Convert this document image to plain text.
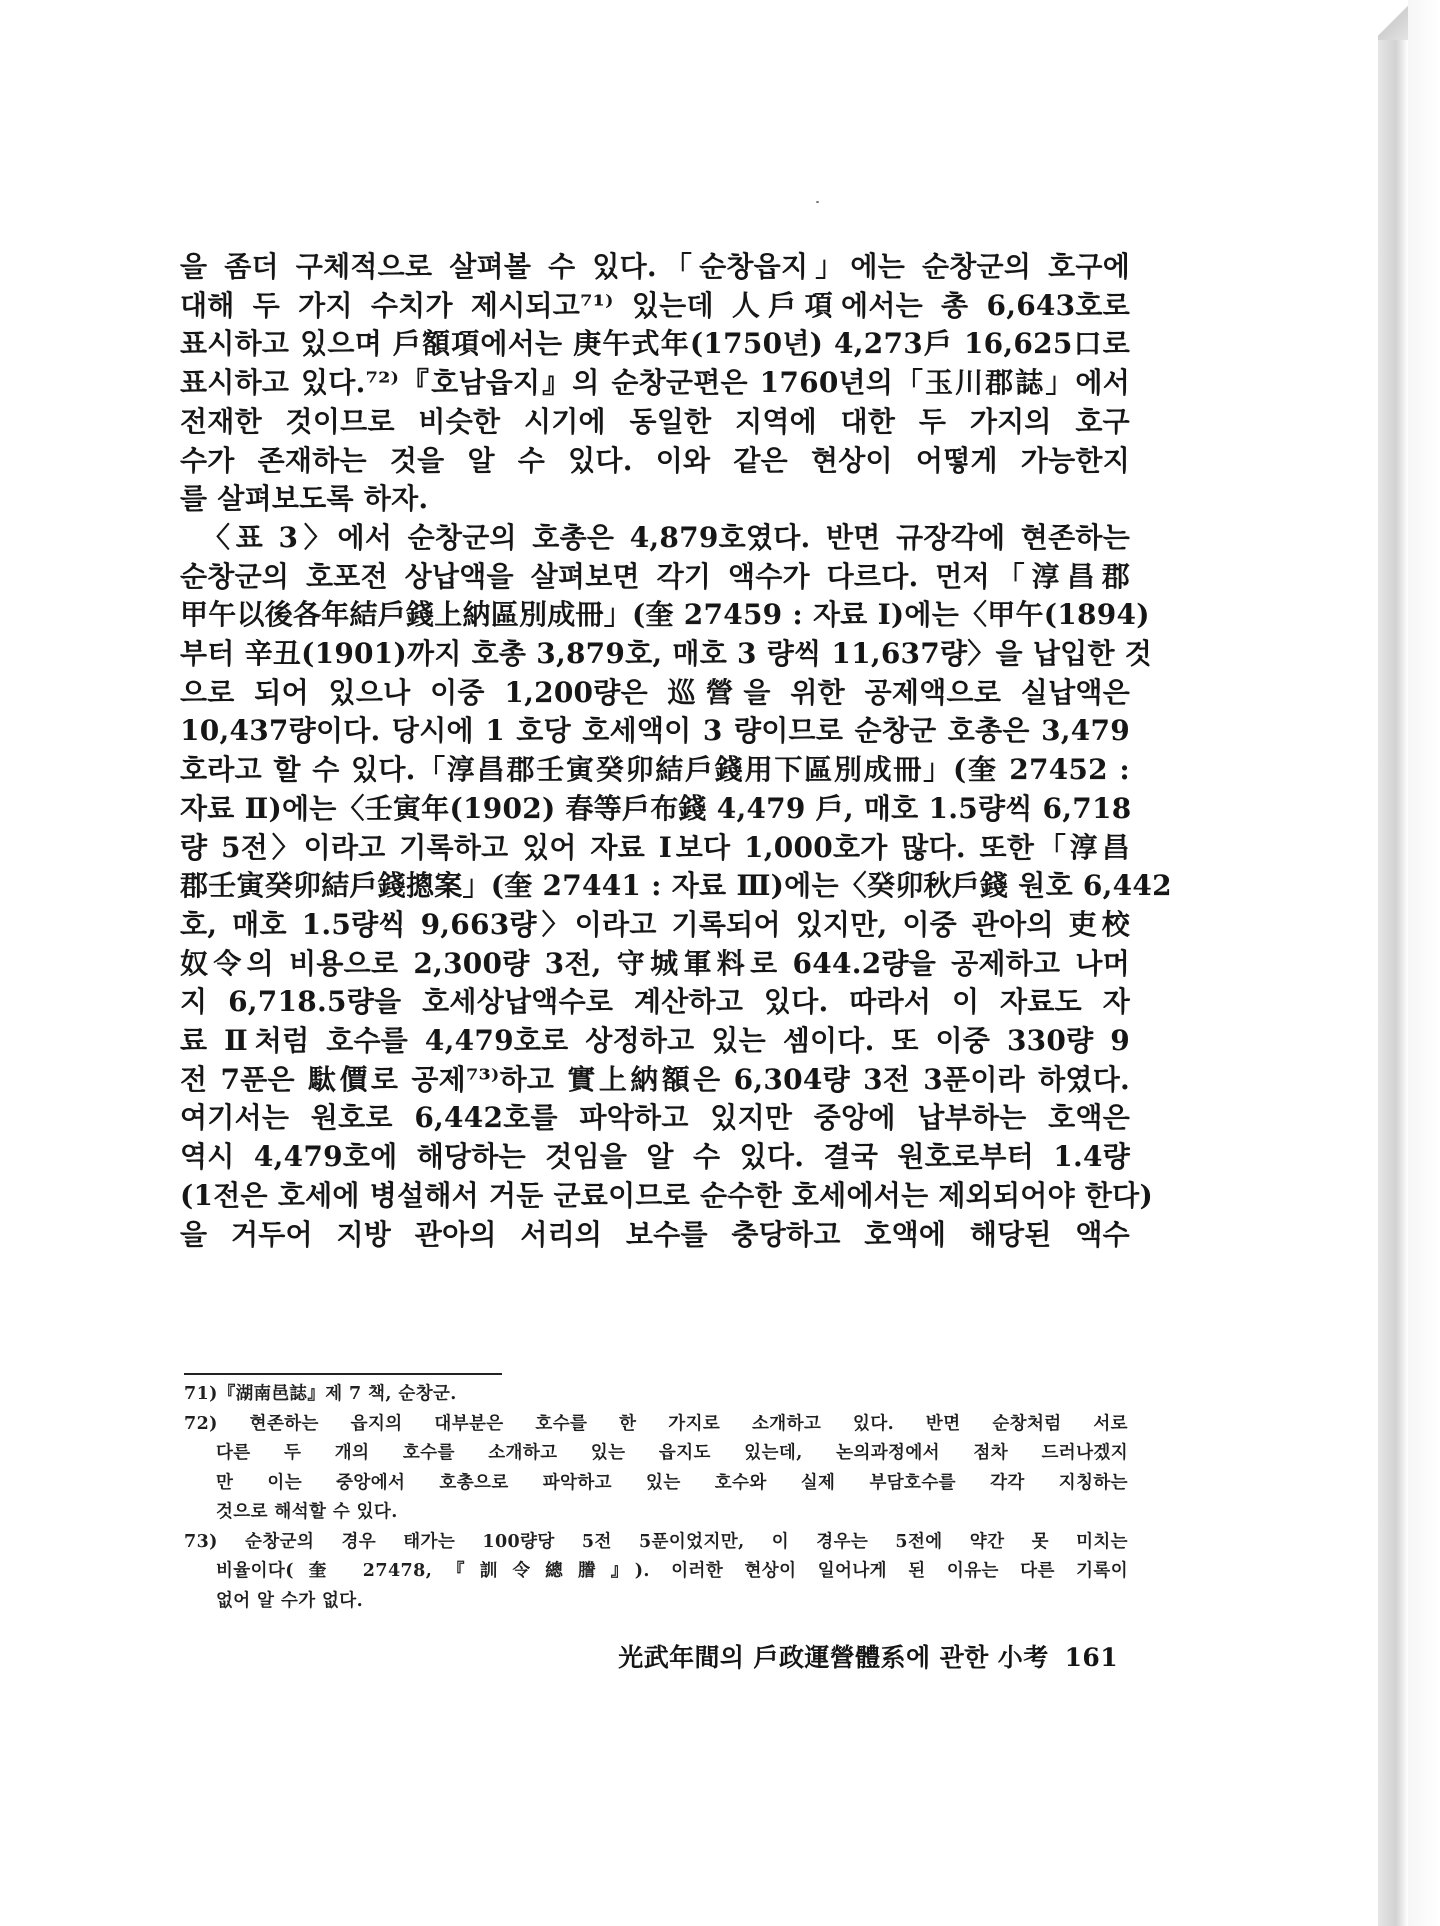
을 좀더 구체적으로 살펴볼 수 있다.「순창읍지」에는 순창군의 호구에
대해 두 가지 수치가 제시되고⁷¹⁾ 있는데 人戶項에서는 총 6,643호로
표시하고 있으며 戶額項에서는 庚午式年(1750년) 4,273戶 16,625口로
표시하고 있다.⁷²⁾『호남읍지』의 순창군편은 1760년의「玉川郡誌」에서
전재한 것이므로 비슷한 시기에 동일한 지역에 대한 두 가지의 호구
수가 존재하는 것을 알 수 있다. 이와 같은 현상이 어떻게 가능한지
를 살펴보도록 하자.
〈표 3〉에서 순창군의 호총은 4,879호였다. 반면 규장각에 현존하는
순창군의 호포전 상납액을 살펴보면 각기 액수가 다르다. 먼저「淳昌郡
甲午以後各年結戶錢上納區別成冊」(奎 27459 : 자료 Ⅰ)에는〈甲午(1894)
부터 辛丑(1901)까지 호총 3,879호, 매호 3 량씩 11,637량〉을 납입한 것
으로 되어 있으나 이중 1,200량은 巡營을 위한 공제액으로 실납액은
10,437량이다. 당시에 1 호당 호세액이 3 량이므로 순창군 호총은 3,479
호라고 할 수 있다.「淳昌郡壬寅癸卯結戶錢用下區別成冊」(奎 27452 :
자료 Ⅱ)에는〈壬寅年(1902) 春等戶布錢 4,479 戶, 매호 1.5량씩 6,718
량 5전〉이라고 기록하고 있어 자료 Ⅰ보다 1,000호가 많다. 또한「淳昌
郡壬寅癸卯結戶錢摠案」(奎 27441 : 자료 Ⅲ)에는〈癸卯秋戶錢 원호 6,442
호, 매호 1.5량씩 9,663량〉이라고 기록되어 있지만, 이중 관아의 吏校
奴令의 비용으로 2,300량 3전, 守城軍料로 644.2량을 공제하고 나머
지 6,718.5량을 호세상납액수로 계산하고 있다. 따라서 이 자료도 자
료 Ⅱ처럼 호수를 4,479호로 상정하고 있는 셈이다. 또 이중 330량 9
전 7푼은 駄價로 공제⁷³⁾하고 實上納額은 6,304량 3전 3푼이라 하였다.
여기서는 원호로 6,442호를 파악하고 있지만 중앙에 납부하는 호액은
역시 4,479호에 해당하는 것임을 알 수 있다. 결국 원호로부터 1.4량
(1전은 호세에 병설해서 거둔 군료이므로 순수한 호세에서는 제외되어야 한다)
을 거두어 지방 관아의 서리의 보수를 충당하고 호액에 해당된 액수
71)『湖南邑誌』제 7 책, 순창군.
72) 현존하는 읍지의 대부분은 호수를 한 가지로 소개하고 있다. 반면 순창처럼 서로
다른 두 개의 호수를 소개하고 있는 읍지도 있는데, 논의과정에서 점차 드러나겠지
만 이는 중앙에서 호총으로 파악하고 있는 호수와 실제 부담호수를 각각 지칭하는
것으로 해석할 수 있다.
73) 순창군의 경우 태가는 100량당 5전 5푼이었지만, 이 경우는 5전에 약간 못 미치는
비율이다(奎 27478,『訓令總謄』). 이러한 현상이 일어나게 된 이유는 다른 기록이
없어 알 수가 없다.
光武年間의 戶政運營體系에 관한 小考 161
